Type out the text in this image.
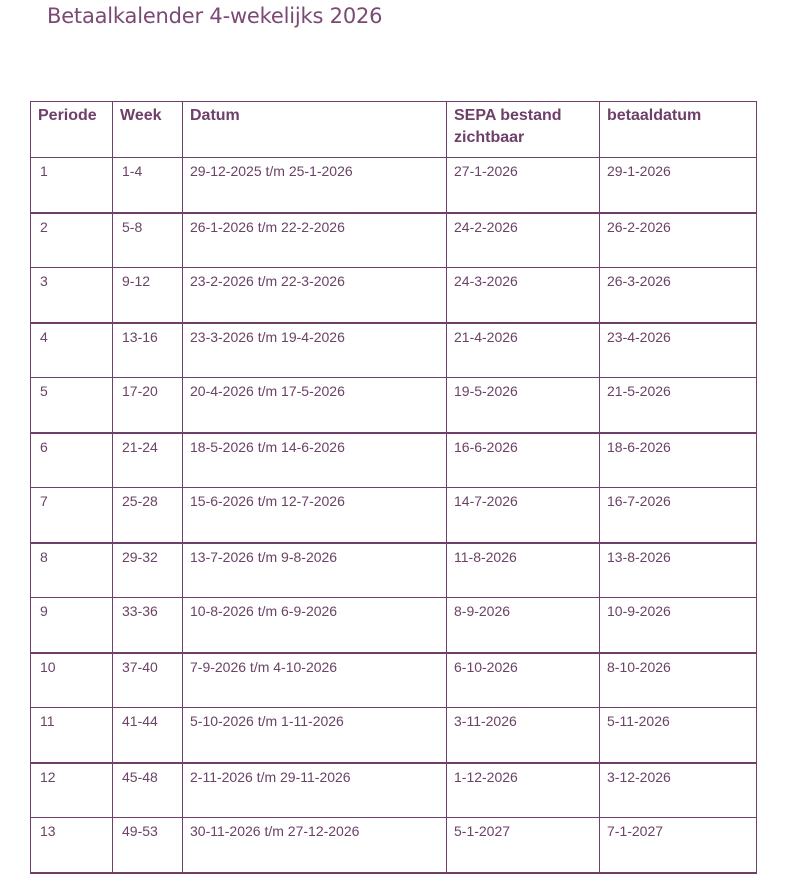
Betaalkalender 4-wekelijks 2026
Periode	Week	Datum	SEPA bestand zichtbaar	betaaldatum
1	1-4	29-12-2025 t/m 25-1-2026	27-1-2026	29-1-2026
2	5-8	26-1-2026 t/m 22-2-2026	24-2-2026	26-2-2026
3	9-12	23-2-2026 t/m 22-3-2026	24-3-2026	26-3-2026
4	13-16	23-3-2026 t/m 19-4-2026	21-4-2026	23-4-2026
5	17-20	20-4-2026 t/m 17-5-2026	19-5-2026	21-5-2026
6	21-24	18-5-2026 t/m 14-6-2026	16-6-2026	18-6-2026
7	25-28	15-6-2026 t/m 12-7-2026	14-7-2026	16-7-2026
8	29-32	13-7-2026 t/m 9-8-2026	11-8-2026	13-8-2026
9	33-36	10-8-2026 t/m 6-9-2026	8-9-2026	10-9-2026
10	37-40	7-9-2026 t/m 4-10-2026	6-10-2026	8-10-2026
11	41-44	5-10-2026 t/m 1-11-2026	3-11-2026	5-11-2026
12	45-48	2-11-2026 t/m 29-11-2026	1-12-2026	3-12-2026
13	49-53	30-11-2026 t/m 27-12-2026	5-1-2027	7-1-2027
